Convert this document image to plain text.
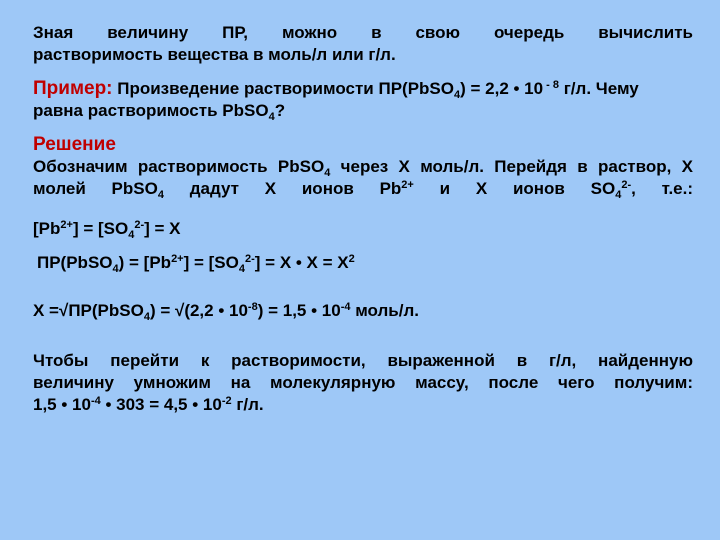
Зная величину ПР, можно в свою очередь вычислить

растворимость вещества в моль/л или г/л.

Пример: Произведение растворимости ПР(PbSO$_4$) = 2,2 • 10 $^{- 8}$ г/л. Чему

равна растворимость PbSO$_4$?

Решение

Обозначим растворимость PbSO$_4$ через X моль/л. Перейдя в раствор, X

молей PbSO$_4$ дадут X ионов $Pb^{2+}$ и X ионов $SO_4^{2-}$, т.е.:

$[Pb^{2+}] = [SO_4^{2-}] = X$

ПР(PbSO$_4$) = $[Pb^{2+}] = [SO_4^{2-}] = X$ • $X = X^2$

X =√ПР(PbSO$_4$) = √(2,2 • $10^{-8}) = 1,5$ • $10^{-4}$ моль/л.

Чтобы перейти к растворимости, выраженной в г/л, найденную

величину умножим на молекулярную массу, после чего получим:

1,5 • $10^{-4}$ • 303 = 4,5 • $10^{-2}$ г/л.
